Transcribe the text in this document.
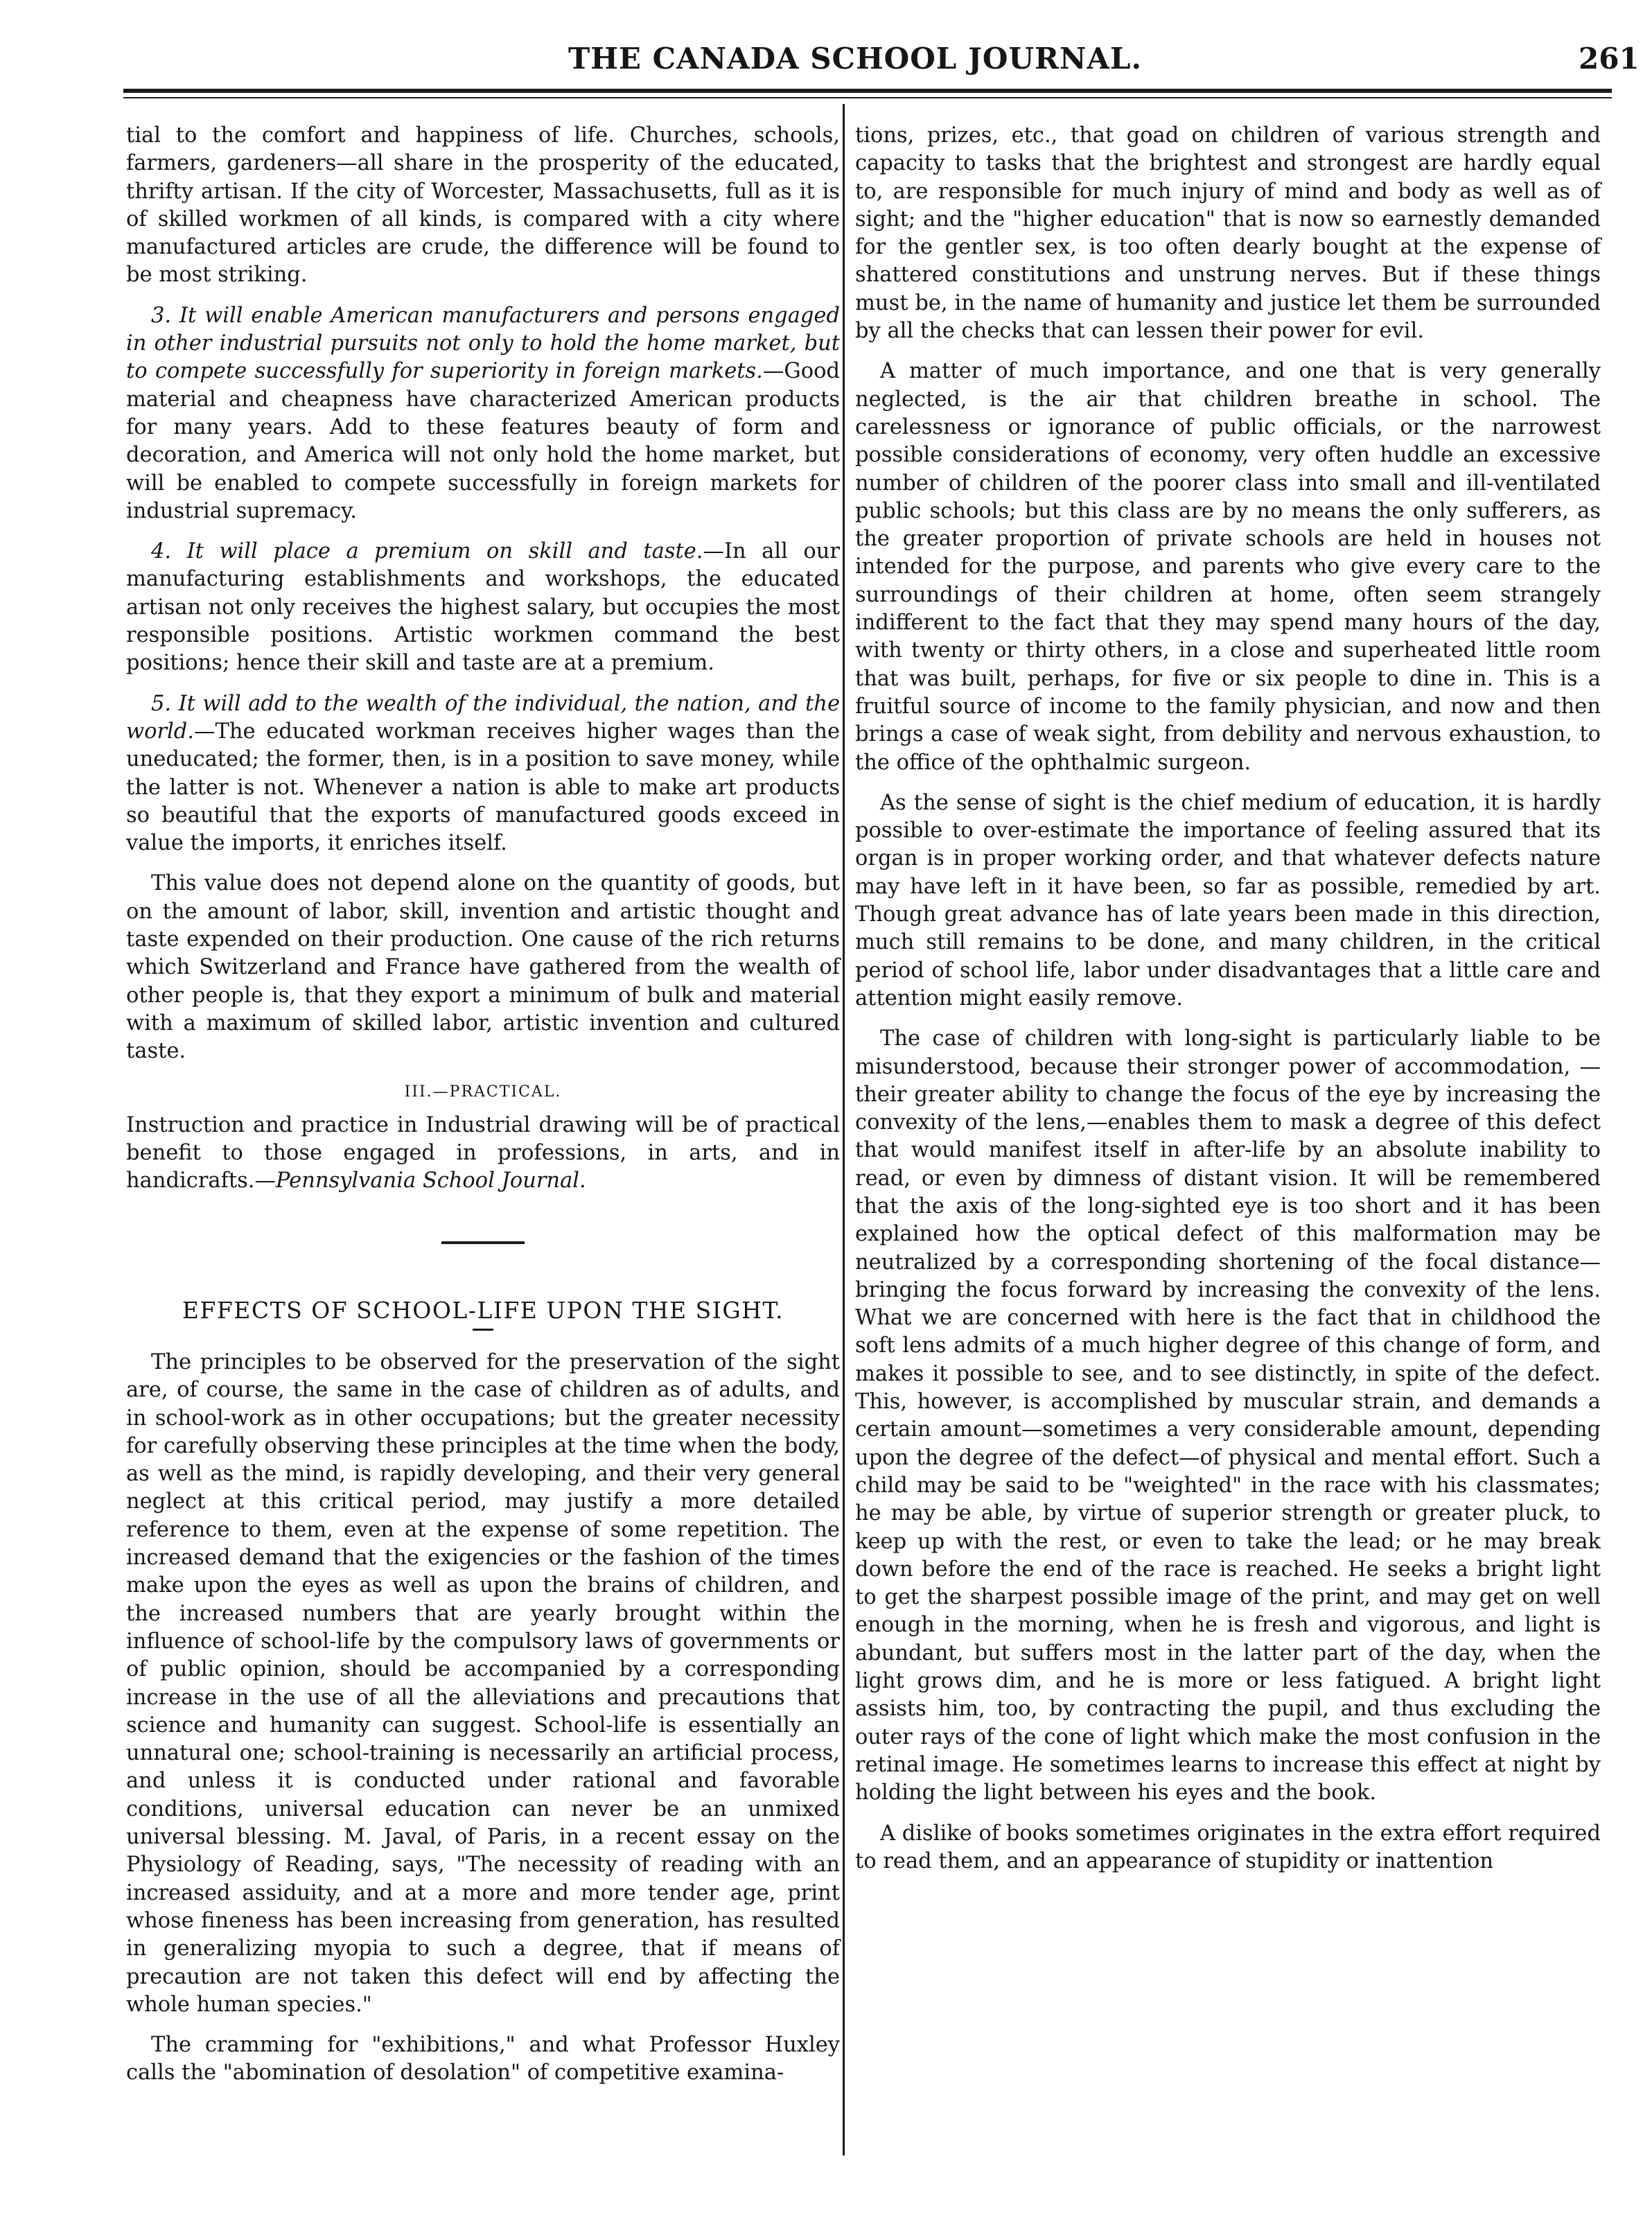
THE CANADA SCHOOL JOURNAL.	261

tial to the comfort and happiness of life. Churches, schools, farmers, gardeners—all share in the prosperity of the educated, thrifty artisan. If the city of Worcester, Massachusetts, full as it is of skilled workmen of all kinds, is compared with a city where manufactured articles are crude, the difference will be found to be most striking.

3. It will enable American manufacturers and persons engaged in other industrial pursuits not only to hold the home market, but to compete successfully for superiority in foreign markets.—Good material and cheapness have characterized American products for many years. Add to these features beauty of form and decoration, and America will not only hold the home market, but will be enabled to compete successfully in foreign markets for industrial supremacy.

4. It will place a premium on skill and taste.—In all our manufacturing establishments and workshops, the educated artisan not only receives the highest salary, but occupies the most responsible positions. Artistic workmen command the best positions; hence their skill and taste are at a premium.

5. It will add to the wealth of the individual, the nation, and the world.—The educated workman receives higher wages than the uneducated; the former, then, is in a position to save money, while the latter is not. Whenever a nation is able to make art products so beautiful that the exports of manufactured goods exceed in value the imports, it enriches itself.

This value does not depend alone on the quantity of goods, but on the amount of labor, skill, invention and artistic thought and taste expended on their production. One cause of the rich returns which Switzerland and France have gathered from the wealth of other people is, that they export a minimum of bulk and material with a maximum of skilled labor, artistic invention and cultured taste.

III.—PRACTICAL.

Instruction and practice in Industrial drawing will be of practical benefit to those engaged in professions, in arts, and in handicrafts.—Pennsylvania School Journal.

EFFECTS OF SCHOOL-LIFE UPON THE SIGHT.

The principles to be observed for the preservation of the sight are, of course, the same in the case of children as of adults, and in school-work as in other occupations; but the greater necessity for carefully observing these principles at the time when the body, as well as the mind, is rapidly developing, and their very general neglect at this critical period, may justify a more detailed reference to them, even at the expense of some repetition. The increased demand that the exigencies or the fashion of the times make upon the eyes as well as upon the brains of children, and the increased numbers that are yearly brought within the influence of school-life by the compulsory laws of governments or of public opinion, should be accompanied by a corresponding increase in the use of all the alleviations and precautions that science and humanity can suggest. School-life is essentially an unnatural one; school-training is necessarily an artificial process, and unless it is conducted under rational and favorable conditions, universal education can never be an unmixed universal blessing. M. Javal, of Paris, in a recent essay on the Physiology of Reading, says, "The necessity of reading with an increased assiduity, and at a more and more tender age, print whose fineness has been increasing from generation, has resulted in generalizing myopia to such a degree, that if means of precaution are not taken this defect will end by affecting the whole human species."

The cramming for "exhibitions," and what Professor Huxley calls the "abomination of desolation" of competitive examina-

tions, prizes, etc., that goad on children of various strength and capacity to tasks that the brightest and strongest are hardly equal to, are responsible for much injury of mind and body as well as of sight; and the "higher education" that is now so earnestly demanded for the gentler sex, is too often dearly bought at the expense of shattered constitutions and unstrung nerves. But if these things must be, in the name of humanity and justice let them be surrounded by all the checks that can lessen their power for evil.

A matter of much importance, and one that is very generally neglected, is the air that children breathe in school. The carelessness or ignorance of public officials, or the narrowest possible considerations of economy, very often huddle an excessive number of children of the poorer class into small and ill-ventilated public schools; but this class are by no means the only sufferers, as the greater proportion of private schools are held in houses not intended for the purpose, and parents who give every care to the surroundings of their children at home, often seem strangely indifferent to the fact that they may spend many hours of the day, with twenty or thirty others, in a close and superheated little room that was built, perhaps, for five or six people to dine in. This is a fruitful source of income to the family physician, and now and then brings a case of weak sight, from debility and nervous exhaustion, to the office of the ophthalmic surgeon.

As the sense of sight is the chief medium of education, it is hardly possible to over-estimate the importance of feeling assured that its organ is in proper working order, and that whatever defects nature may have left in it have been, so far as possible, remedied by art. Though great advance has of late years been made in this direction, much still remains to be done, and many children, in the critical period of school life, labor under disadvantages that a little care and attention might easily remove.

The case of children with long-sight is particularly liable to be misunderstood, because their stronger power of accommodation, —their greater ability to change the focus of the eye by increasing the convexity of the lens,—enables them to mask a degree of this defect that would manifest itself in after-life by an absolute inability to read, or even by dimness of distant vision. It will be remembered that the axis of the long-sighted eye is too short and it has been explained how the optical defect of this malformation may be neutralized by a corresponding shortening of the focal distance—bringing the focus forward by increasing the convexity of the lens. What we are concerned with here is the fact that in childhood the soft lens admits of a much higher degree of this change of form, and makes it possible to see, and to see distinctly, in spite of the defect. This, however, is accomplished by muscular strain, and demands a certain amount—sometimes a very considerable amount, depending upon the degree of the defect—of physical and mental effort. Such a child may be said to be "weighted" in the race with his classmates; he may be able, by virtue of superior strength or greater pluck, to keep up with the rest, or even to take the lead; or he may break down before the end of the race is reached. He seeks a bright light to get the sharpest possible image of the print, and may get on well enough in the morning, when he is fresh and vigorous, and light is abundant, but suffers most in the latter part of the day, when the light grows dim, and he is more or less fatigued. A bright light assists him, too, by contracting the pupil, and thus excluding the outer rays of the cone of light which make the most confusion in the retinal image. He sometimes learns to increase this effect at night by holding the light between his eyes and the book.

A dislike of books sometimes originates in the extra effort required to read them, and an appearance of stupidity or inattention
